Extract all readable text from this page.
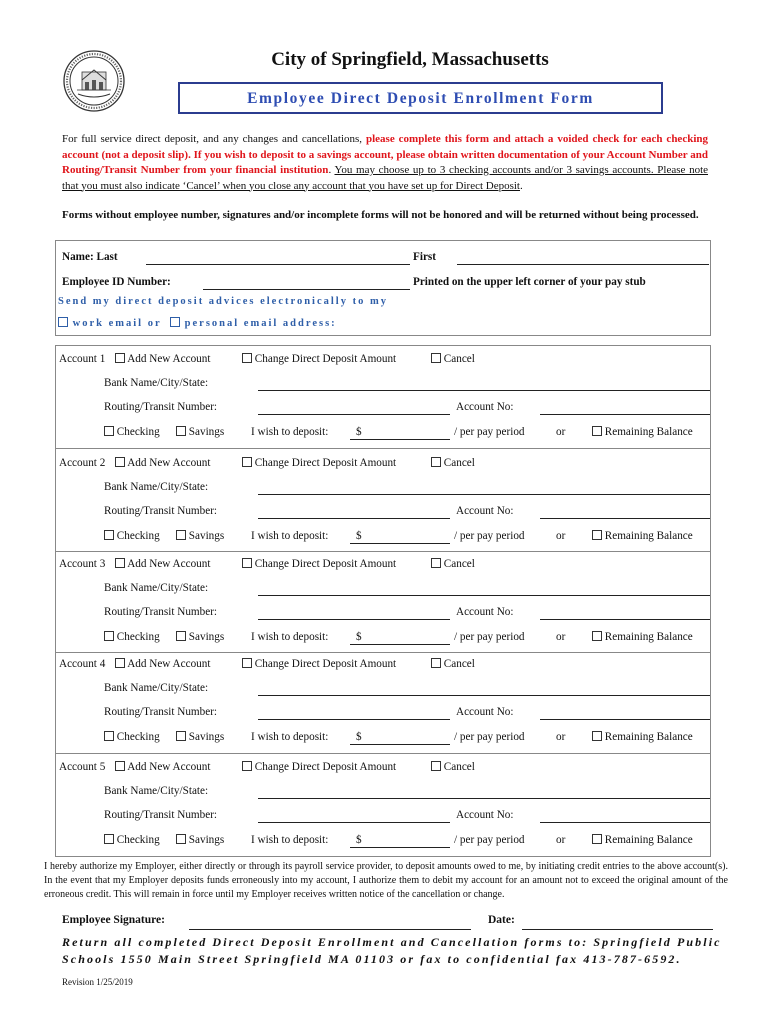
City of Springfield, Massachusetts
Employee Direct Deposit Enrollment Form
For full service direct deposit, and any changes and cancellations, please complete this form and attach a voided check for each checking account (not a deposit slip). If you wish to deposit to a savings account, please obtain written documentation of your Account Number and Routing/Transit Number from your financial institution. You may choose up to 3 checking accounts and/or 3 savings accounts. Please note that you must also indicate ‘Cancel’ when you close any account that you have set up for Direct Deposit.
Forms without employee number, signatures and/or incomplete forms will not be honored and will be returned without being processed.
Name: Last	First
Employee ID Number:	Printed on the upper left corner of your pay stub
Send my direct deposit advices electronically to my
work email or personal email address:
Account 1	Add New Account	Change Direct Deposit Amount	Cancel
Bank Name/City/State:
Routing/Transit Number:	Account No:
Checking	Savings I wish to deposit: $	/ per pay period	or	Remaining Balance
Account 2	Add New Account	Change Direct Deposit Amount	Cancel
Bank Name/City/State:
Routing/Transit Number:	Account No:
Checking	Savings I wish to deposit: $	/ per pay period	or	Remaining Balance
Account 3	Add New Account	Change Direct Deposit Amount	Cancel
Bank Name/City/State:
Routing/Transit Number:	Account No:
Checking	Savings I wish to deposit: $	/ per pay period	or	Remaining Balance
Account 4	Add New Account	Change Direct Deposit Amount	Cancel
Bank Name/City/State:
Routing/Transit Number:	Account No:
Checking	Savings I wish to deposit: $	/ per pay period	or	Remaining Balance
Account 5	Add New Account	Change Direct Deposit Amount	Cancel
Bank Name/City/State:
Routing/Transit Number:	Account No:
Checking	Savings I wish to deposit: $	/ per pay period	or	Remaining Balance
I hereby authorize my Employer, either directly or through its payroll service provider, to deposit amounts owed to me, by initiating credit entries to the above account(s). In the event that my Employer deposits funds erroneously into my account, I authorize them to debit my account for an amount not to exceed the original amount of the erroneous credit. This will remain in force until my Employer receives written notice of the cancellation or change.
Employee Signature:	Date:
Return all completed Direct Deposit Enrollment and Cancellation forms to: Springfield Public
Schools 1550 Main Street Springfield MA 01103 or fax to confidential fax 413-787-6592.
Revision 1/25/2019
